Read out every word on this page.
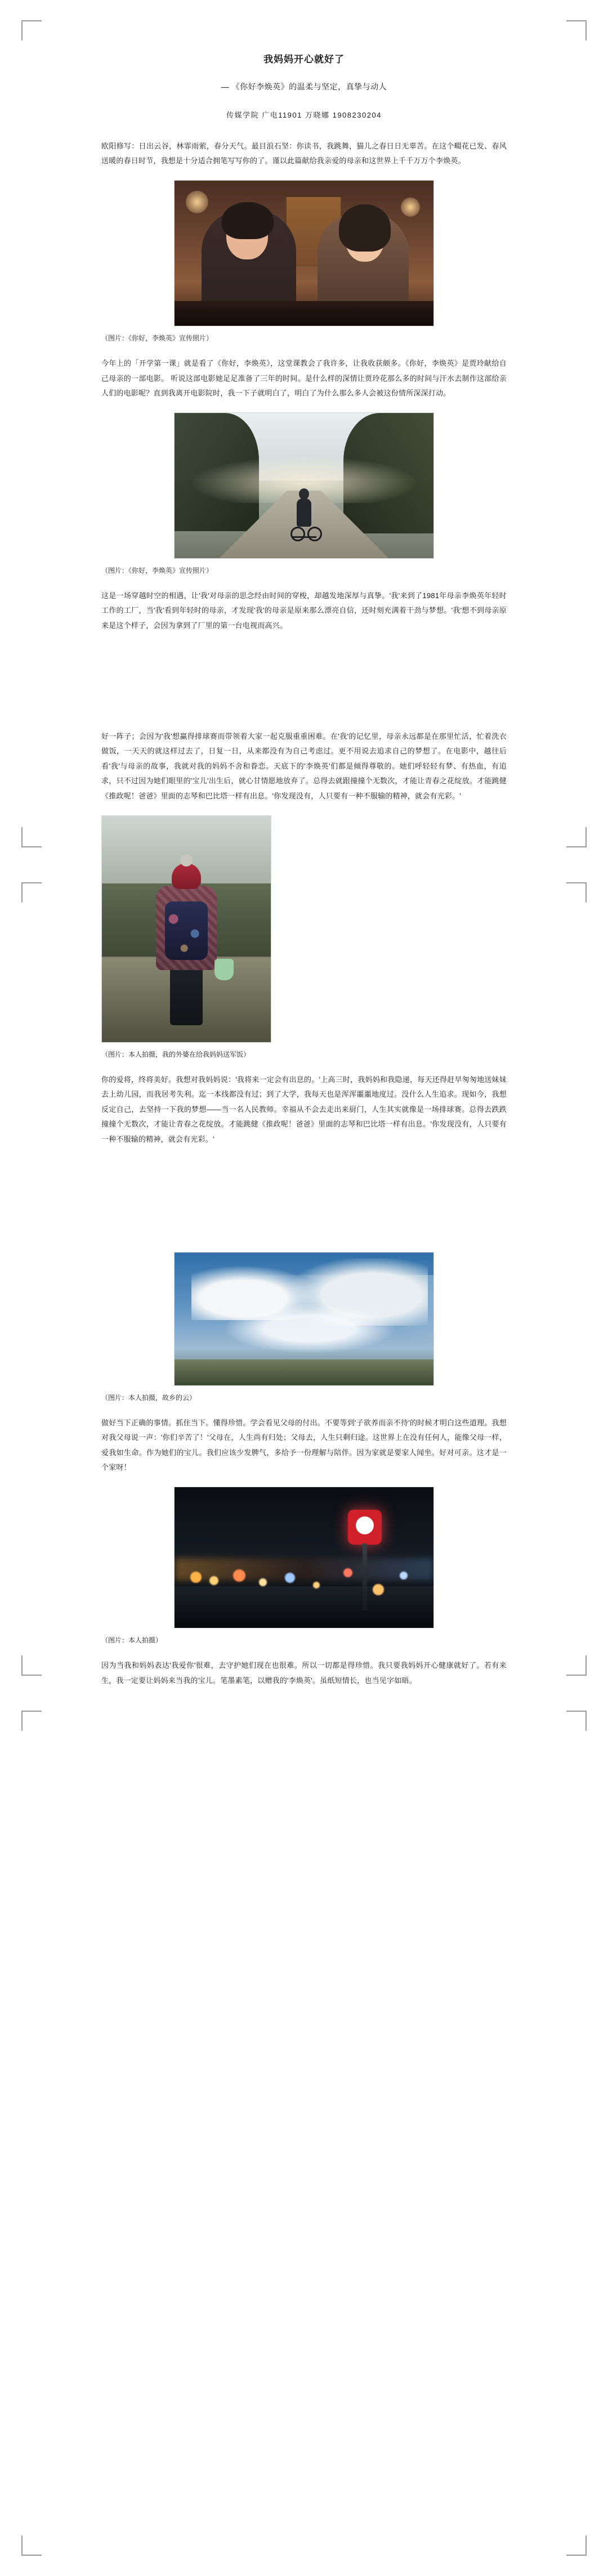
我妈妈开心就好了
— 《你好李焕英》的温柔与坚定，真挚与动人
传媒学院 广电11901 万晓娜 1908230204

欧阳修写：日出云谷，林霏雨萦，春分天气。最目浪石坚：你读书，我跳舞，猫儿之春日日无辜苦。在这个畷花已发、春风送暖的春日时节，我想是十分适合拥笔写写你的了。谨以此篇献给我亲爱的母亲和这世界上千千万万个李焕英。

（图片：《你好，李焕英》宣传照片）

今年上的「开学第一课」就是看了《你好，李焕英》，这堂课教会了我许多，让我收获颇多。《你好，李焕英》是贾玲献给自己母亲的一部电影。 听说这部电影她足足准备了三年的时间。是什么样的深情让贾玲花那么多的时间与汗水去制作这部给亲人们的电影呢？直到我离开电影院时，我一下子就明白了，明白了为什么那么多人会被这份情所深深打动。

（图片：《你好，李焕英》宣传照片）

这是一场穿越时空的相遇，让'我'对母亲的思念经由时间的穿梭，却越发地深厚与真挚。'我'来到了1981年母亲李焕英年轻时工作的工厂，当'我'看到年轻时的母亲，才发现'我'的母亲是原来那么漂亮自信，还时刻充满着干劲与梦想。'我'想不到母亲原来是这个样子，会因为拿到了厂里的第一台电视而高兴。

好一阵子；会因为'我'想赢得排球赛而带领着大家一起克服重重困难。在'我'的记忆里，母亲永远都是在那里忙活，忙着洗衣做饭，一天天的就这样过去了，日复一日，从来都没有为自己考虑过。更不用说去追求自己的梦想了。在电影中，越往后看'我'与母亲的故事，我就对我的妈妈不舍和眷恋。天底下的'李焕英'们都是倾得尊敬的。她们呼轻轻有梦、有热血，有追求，只不过因为她们眼里的'宝儿'出生后，就心甘情愿地放弃了。总得去就跟撞撞个无数次，才能让青春之花绽放。才能跳健《推政呢！爸爸》里面的志琴和巴比塔一样有出息。'你发现没有，人只要有一种不服输的精神，就会有光彩。'

（图片：本人拍摄，我的外婆在给我妈妈送军饭）

你的爱将，终将美好。我想对我妈妈说：'我将来一定会有出息的。'上高三时，我妈妈和我隐递，每天还得赶早匆匆地送妹妹去上幼儿园，而我居考失利。迄一本线都没有过；到了大学，我每天也是浑浑噩噩地度过。没什么人生追求。现如今，我想反定自己，去坚持一下我的梦想——当一名人民教师。幸福从不会去走出来厨门，人生其实就像是一场排球赛。总得去跌跌撞撞个无数次，才能让青春之花绽放。才能跳健《推政呢！爸爸》里面的志琴和巴比塔一样有出息。'你发现没有，人只要有一种不服输的精神，就会有光彩。'

（图片：本人拍摄，故乡的云）

做好当下正确的事情。抓住当下。懂得珍惜。学会看见父母的付出。不要等到'子欲养而亲不待'的时候才明白这些道理。我想对我父母说一声：'你们辛苦了！'父母在，人生尚有归处；父母去，人生只剩归途。这世界上在没有任何人，能像父母一样，爱我如生命。作为她们的宝儿。我们应该少发脾气，多给予一份理解与陪伴。因为家就是要家人闻坐。好对可亲。这才是一个家呀！

（图片：本人拍摄）

因为当我和妈妈表达'我爱你'很难，去守护她们现在也很难。所以一切都是得珍惜。我只要我妈妈开心健康就好了。若有来生，我一定要让妈妈来当我的宝儿。笔墨素笔，以赠我的'李焕英'。虽纸短情长，也当见字如晤。
